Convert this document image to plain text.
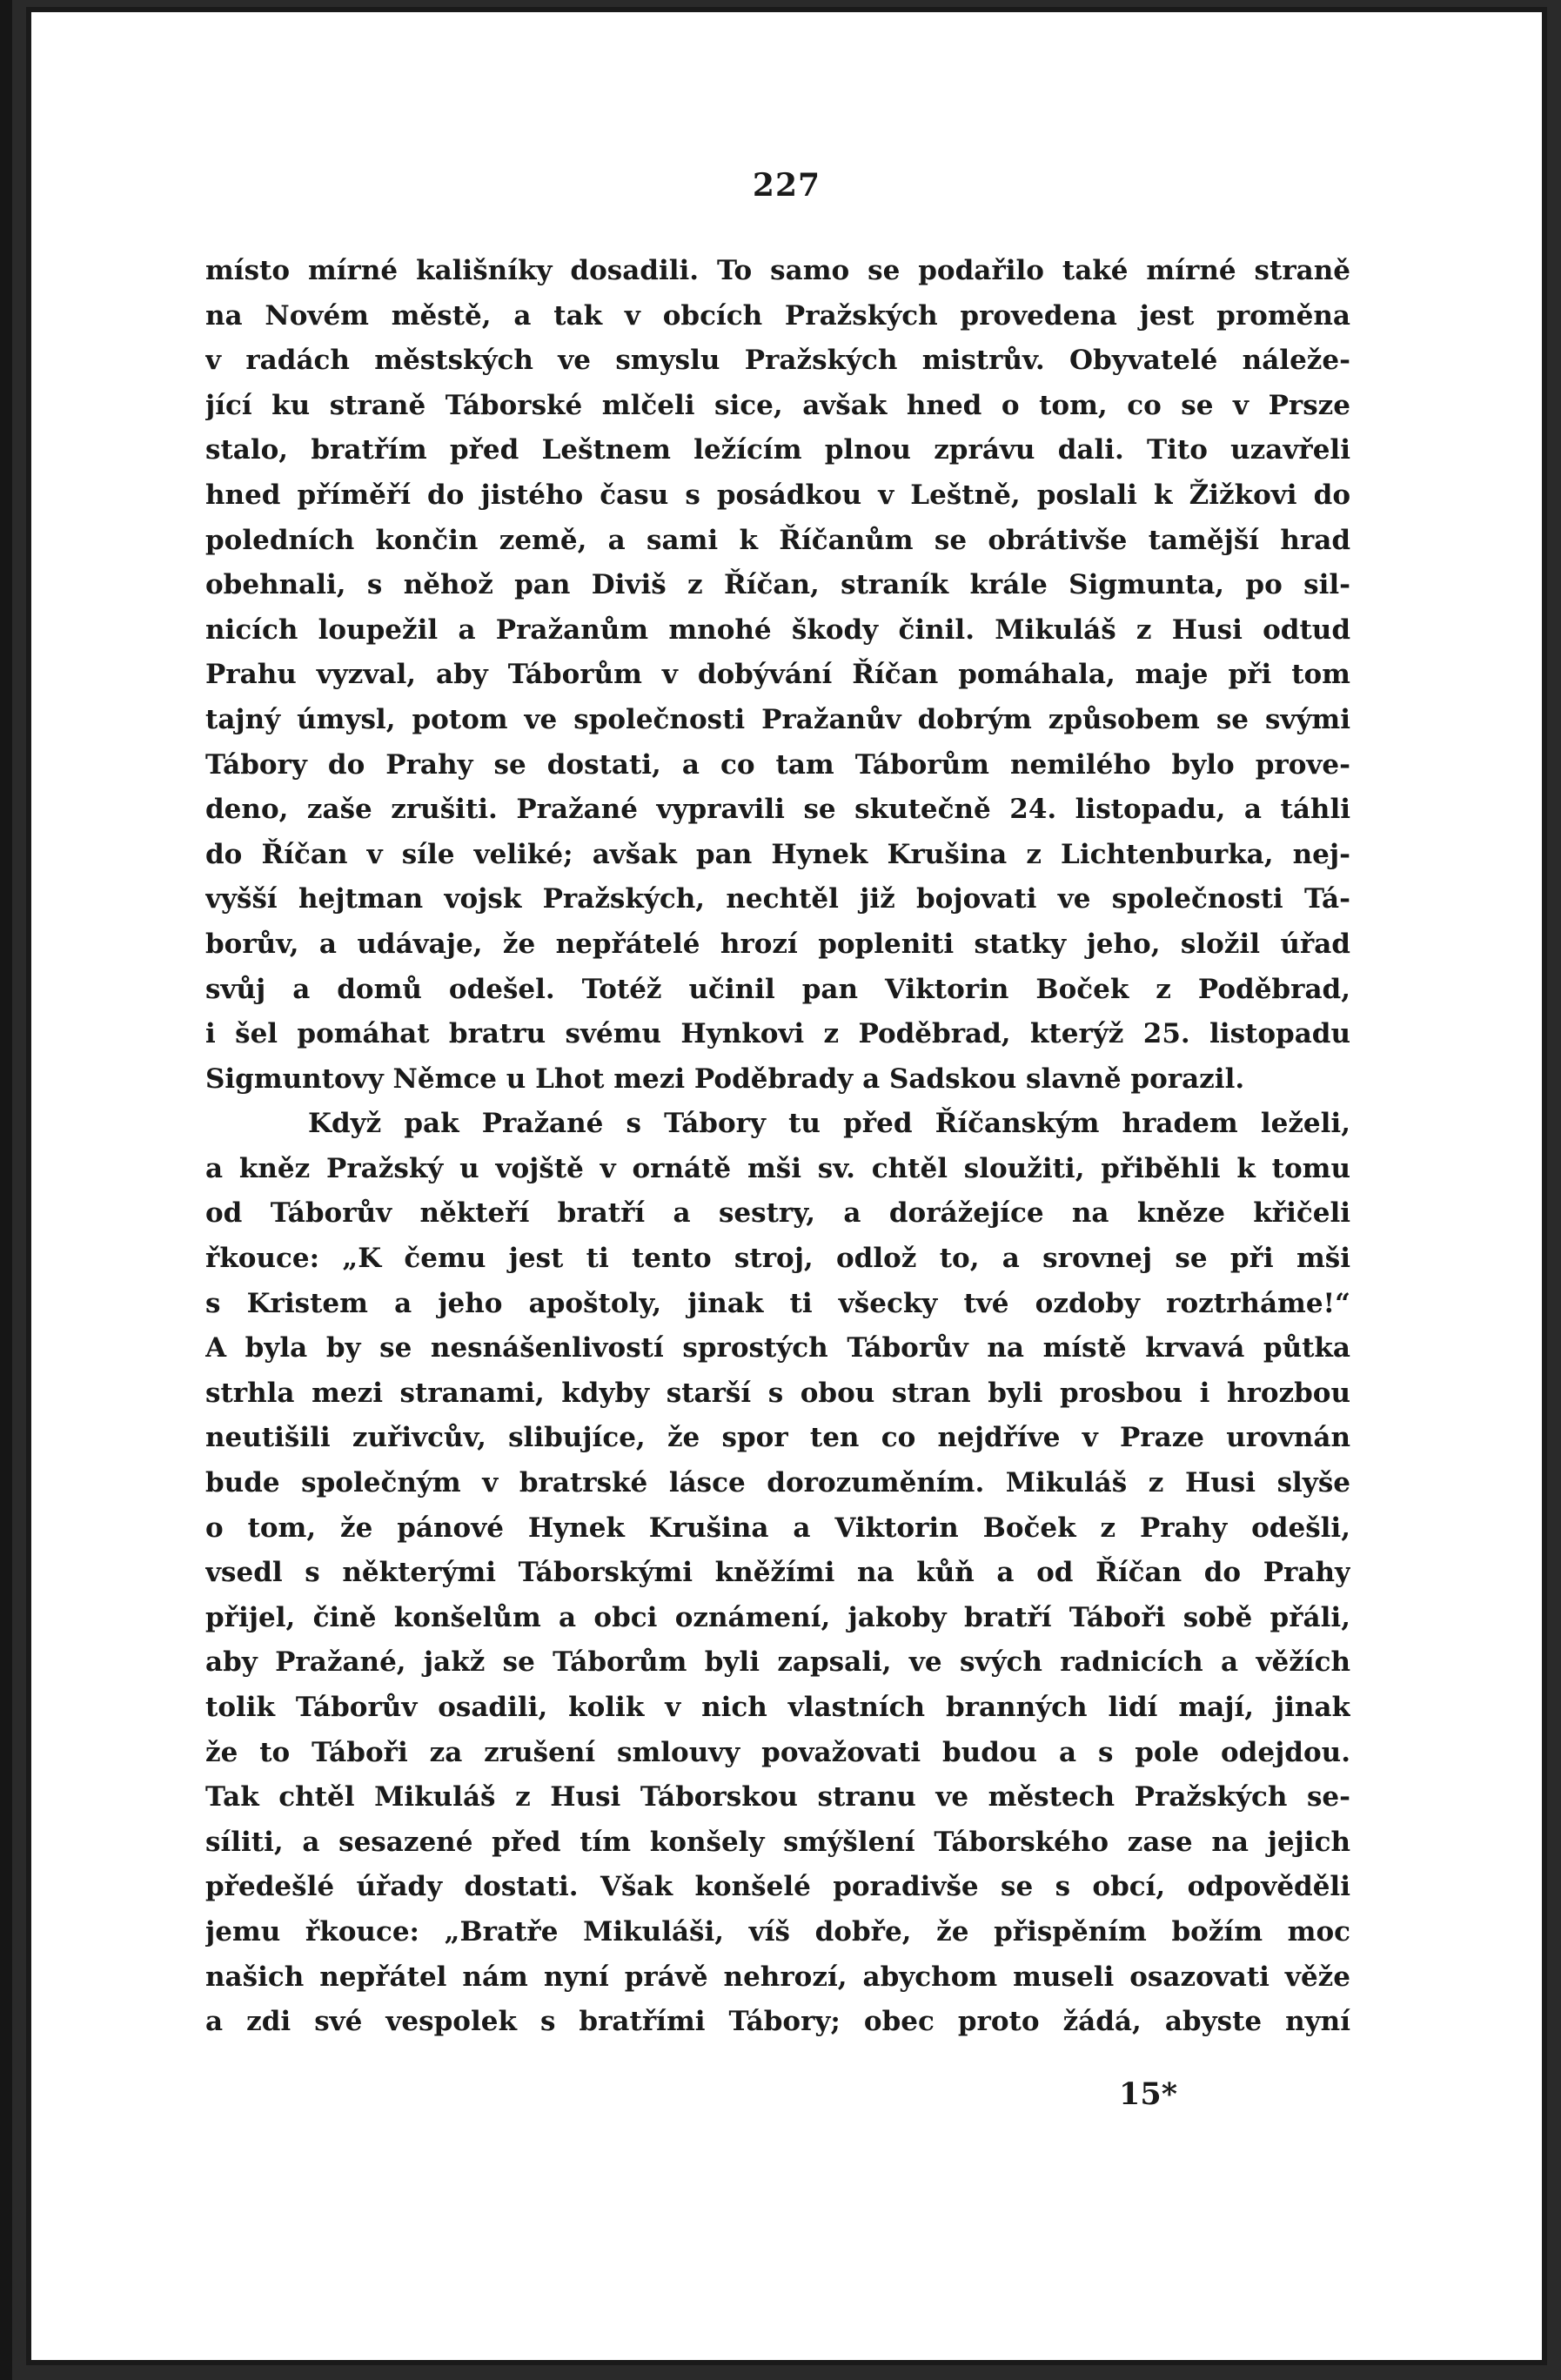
227
místo mírné kališníky dosadili. To samo se podařilo také mírné straně
na Novém městě, a tak v obcích Pražských provedena jest proměna
v radách městských ve smyslu Pražských mistrův. Obyvatelé náleže-
jící ku straně Táborské mlčeli sice, avšak hned o tom, co se v Prsze
stalo, bratřím před Leštnem ležícím plnou zprávu dali. Tito uzavřeli
hned příměří do jistého času s posádkou v Leštně, poslali k Žižkovi do
poledních končin země, a sami k Říčanům se obrátivše tamější hrad
obehnali, s něhož pan Diviš z Říčan, straník krále Sigmunta, po sil-
nicích loupežil a Pražanům mnohé škody činil. Mikuláš z Husi odtud
Prahu vyzval, aby Táborům v dobývání Říčan pomáhala, maje při tom
tajný úmysl, potom ve společnosti Pražanův dobrým způsobem se svými
Tábory do Prahy se dostati, a co tam Táborům nemilého bylo prove-
deno, zaše zrušiti. Pražané vypravili se skutečně 24. listopadu, a táhli
do Říčan v síle veliké; avšak pan Hynek Krušina z Lichtenburka, nej-
vyšší hejtman vojsk Pražských, nechtěl již bojovati ve společnosti Tá-
borův, a udávaje, že nepřátelé hrozí popleniti statky jeho, složil úřad
svůj a domů odešel. Totéž učinil pan Viktorin Boček z Poděbrad,
i šel pomáhat bratru svému Hynkovi z Poděbrad, kterýž 25. listopadu
Sigmuntovy Němce u Lhot mezi Poděbrady a Sadskou slavně porazil.
Když pak Pražané s Tábory tu před Říčanským hradem leželi,
a kněz Pražský u vojště v ornátě mši sv. chtěl sloužiti, přiběhli k tomu
od Táborův někteří bratří a sestry, a dorážejíce na kněze křičeli
řkouce: „K čemu jest ti tento stroj, odlož to, a srovnej se při mši
s Kristem a jeho apoštoly, jinak ti všecky tvé ozdoby roztrháme!“
A byla by se nesnášenlivostí sprostých Táborův na místě krvavá půtka
strhla mezi stranami, kdyby starší s obou stran byli prosbou i hrozbou
neutišili zuřivcův, slibujíce, že spor ten co nejdříve v Praze urovnán
bude společným v bratrské lásce dorozuměním. Mikuláš z Husi slyše
o tom, že pánové Hynek Krušina a Viktorin Boček z Prahy odešli,
vsedl s některými Táborskými kněžími na kůň a od Říčan do Prahy
přijel, čině konšelům a obci oznámení, jakoby bratří Táboři sobě přáli,
aby Pražané, jakž se Táborům byli zapsali, ve svých radnicích a věžích
tolik Táborův osadili, kolik v nich vlastních branných lidí mají, jinak
že to Táboři za zrušení smlouvy považovati budou a s pole odejdou.
Tak chtěl Mikuláš z Husi Táborskou stranu ve městech Pražských se-
síliti, a sesazené před tím konšely smýšlení Táborského zase na jejich
předešlé úřady dostati. Však konšelé poradivše se s obcí, odpověděli
jemu řkouce: „Bratře Mikuláši, víš dobře, že přispěním božím moc
našich nepřátel nám nyní právě nehrozí, abychom museli osazovati věže
a zdi své vespolek s bratřími Tábory; obec proto žádá, abyste nyní
15*
